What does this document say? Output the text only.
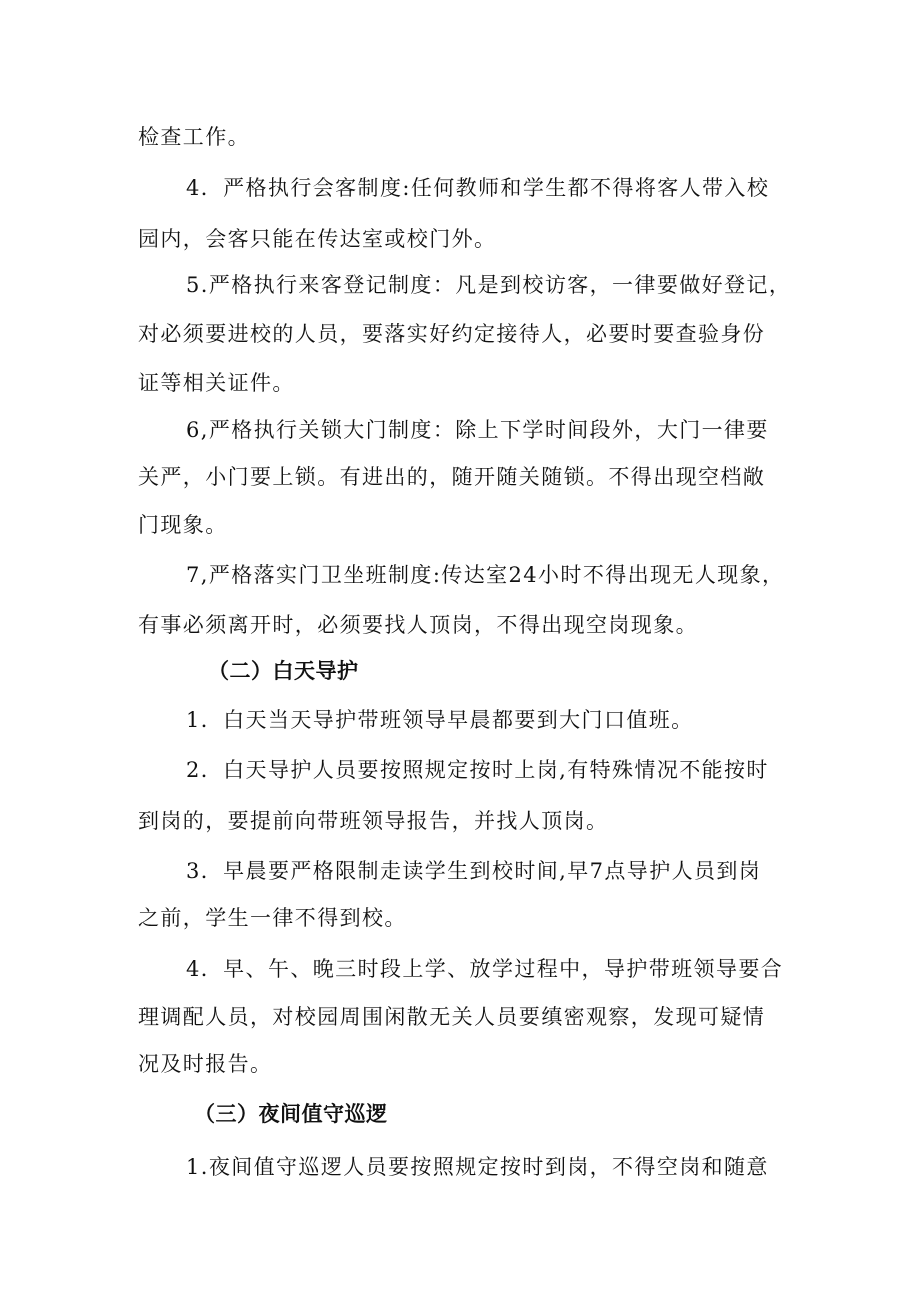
检查工作。
4．严格执行会客制度:任何教师和学生都不得将客人带入校
园内，会客只能在传达室或校门外。
5.严格执行来客登记制度：凡是到校访客，一律要做好登记，
对必须要进校的人员，要落实好约定接待人，必要时要查验身份
证等相关证件。
6,严格执行关锁大门制度：除上下学时间段外，大门一律要
关严，小门要上锁。有进出的，随开随关随锁。不得出现空档敞
门现象。
7,严格落实门卫坐班制度:传达室24小时不得出现无人现象，
有事必须离开时，必须要找人顶岗，不得出现空岗现象。
（二）白天导护
1．白天当天导护带班领导早晨都要到大门口值班。
2．白天导护人员要按照规定按时上岗,有特殊情况不能按时
到岗的，要提前向带班领导报告，并找人顶岗。
3．早晨要严格限制走读学生到校时间,早7点导护人员到岗
之前，学生一律不得到校。
4．早、午、晚三时段上学、放学过程中，导护带班领导要合
理调配人员，对校园周围闲散无关人员要缜密观察，发现可疑情
况及时报告。
（三）夜间值守巡逻
1.夜间值守巡逻人员要按照规定按时到岗，不得空岗和随意
